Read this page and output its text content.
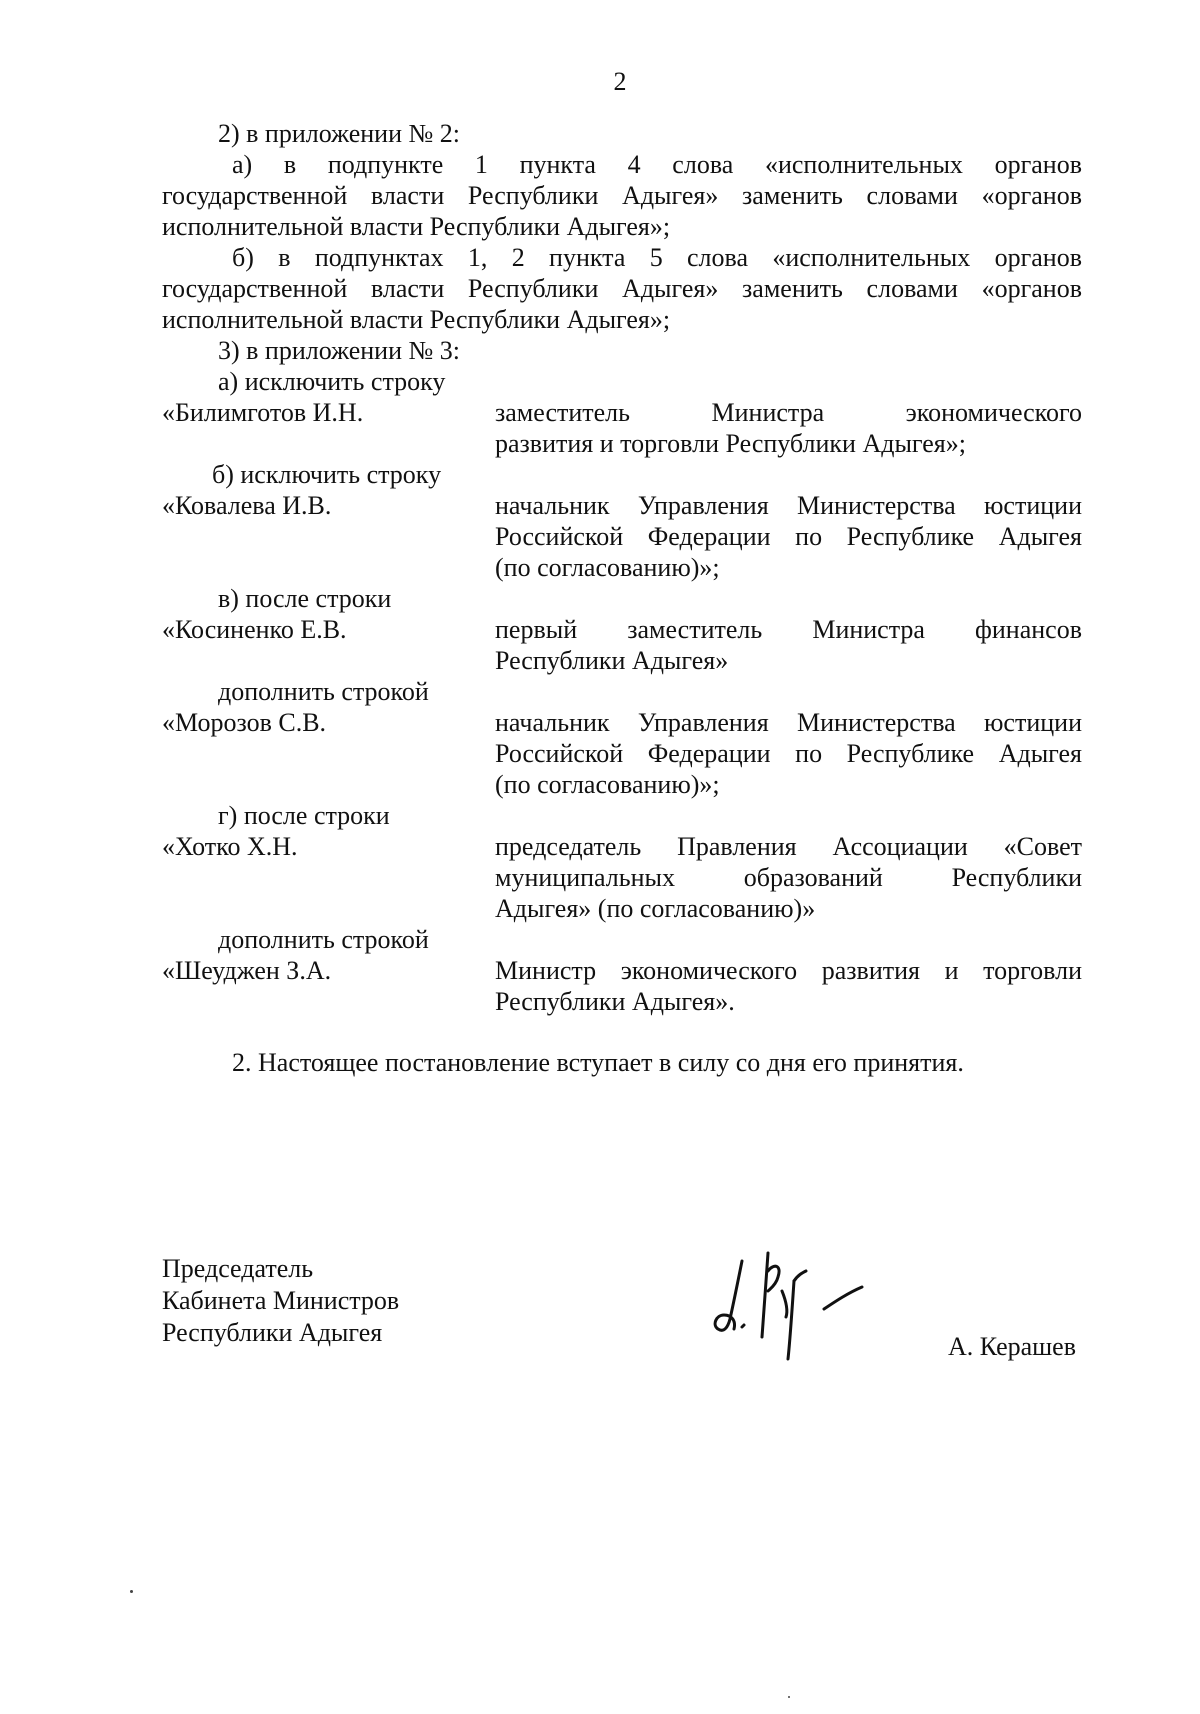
2
2) в приложении № 2:
а) в подпункте 1 пункта 4 слова «исполнительных органов
государственной власти Республики Адыгея» заменить словами «органов
исполнительной власти Республики Адыгея»;
б) в подпунктах 1, 2 пункта 5 слова «исполнительных органов
государственной власти Республики Адыгея» заменить словами «органов
исполнительной власти Республики Адыгея»;
3) в приложении № 3:
а) исключить строку
«Билимготов И.Н.	заместитель Министра экономического
развития и торговли Республики Адыгея»;
б) исключить строку
«Ковалева И.В.	начальник Управления Министерства юстиции
Российской Федерации по Республике Адыгея
(по согласованию)»;
в) после строки
«Косиненко Е.В.	первый заместитель Министра финансов
Республики Адыгея»
дополнить строкой
«Морозов С.В.	начальник Управления Министерства юстиции
Российской Федерации по Республике Адыгея
(по согласованию)»;
г) после строки
«Хотко Х.Н.	председатель Правления Ассоциации «Совет
муниципальных образований Республики
Адыгея» (по согласованию)»
дополнить строкой
«Шеуджен З.А.	Министр экономического развития и торговли
Республики Адыгея».
2. Настоящее постановление вступает в силу со дня его принятия.
Председатель
Кабинета Министров
Республики Адыгея	А. Керашев
